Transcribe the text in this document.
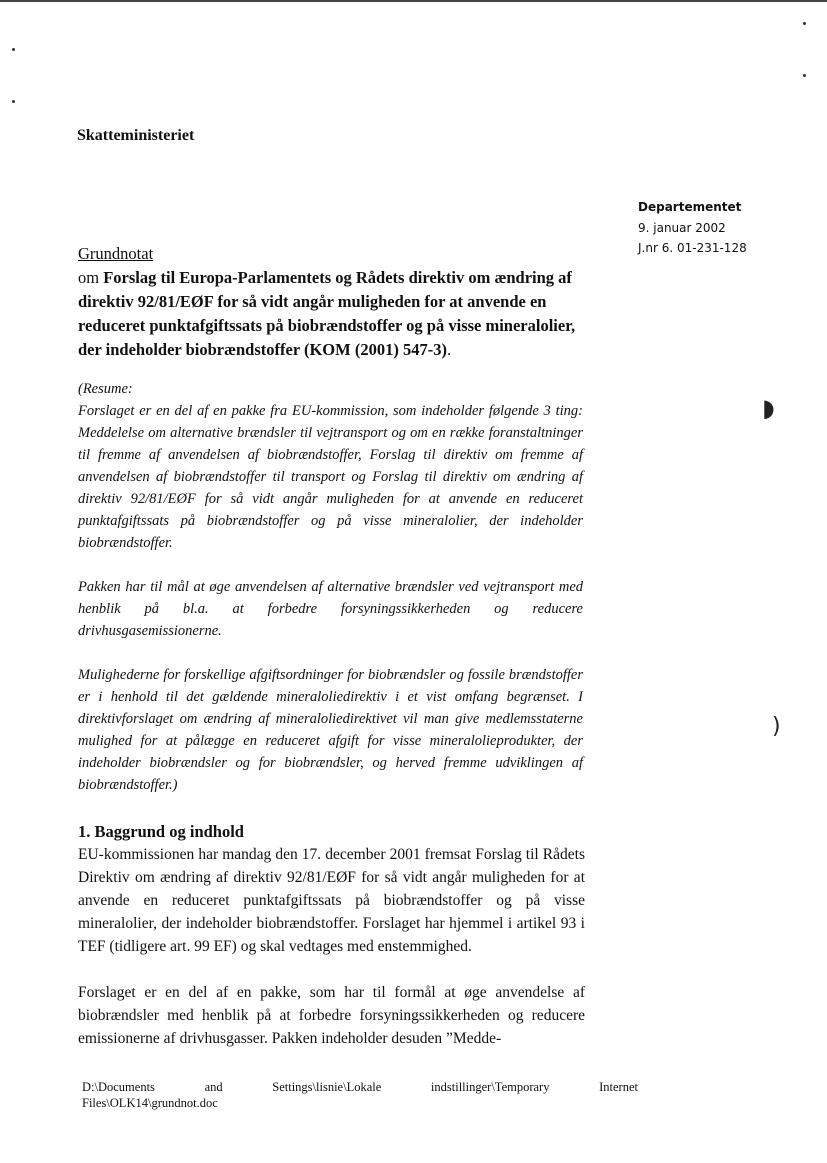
◗
)
Skatteministeriet
Departementet
9. januar 2002
J.nr 6. 01-231-128
Grundnotat
om Forslag til Europa-Parlamentets og Rådets direktiv om ændring af direktiv 92/81/EØF for så vidt angår muligheden for at anvende en reduceret punktafgiftssats på biobrændstoffer og på visse mineralolier, der indeholder biobrændstoffer (KOM (2001) 547-3).
(Resume:

Forslaget er en del af en pakke fra EU-kommission, som indeholder følgende 3 ting: Meddelelse om alternative brændsler til vejtransport og om en række foranstaltninger til fremme af anvendelsen af biobrændstoffer, Forslag til direktiv om fremme af anvendelsen af biobrændstoffer til transport og Forslag til direktiv om ændring af direktiv 92/81/EØF for så vidt angår muligheden for at anvende en reduceret punktafgiftssats på biobrændstoffer og på visse mineralolier, der indeholder biobrændstoffer.

Pakken har til mål at øge anvendelsen af alternative brændsler ved vejtransport med henblik på bl.a. at forbedre forsyningssikkerheden og reducere drivhusgasemissionerne.

Mulighederne for forskellige afgiftsordninger for biobrændsler og fossile brændstoffer er i henhold til det gældende mineraloliedirektiv i et vist omfang begrænset. I direktivforslaget om ændring af mineraloliedirektivet vil man give medlemsstaterne mulighed for at pålægge en reduceret afgift for visse mineralolieprodukter, der indeholder biobrændsler og for biobrændsler, og herved fremme udviklingen af biobrændstoffer.)

1. Baggrund og indhold

EU-kommissionen har mandag den 17. december 2001 fremsat Forslag til Rådets Direktiv om ændring af direktiv 92/81/EØF for så vidt angår muligheden for at anvende en reduceret punktafgiftssats på biobrændstoffer og på visse mineralolier, der indeholder biobrændstoffer. Forslaget har hjemmel i artikel 93 i TEF (tidligere art. 99 EF) og skal vedtages med enstemmighed.

Forslaget er en del af en pakke, som har til formål at øge anvendelse af biobrændsler med henblik på at forbedre forsyningssikkerheden og reducere emissionerne af drivhusgasser. Pakken indeholder desuden ”Medde-

D:\Documents	and	Settings\lisnie\Lokale	indstillinger\Temporary	Internet
Files\OLK14\grundnot.doc
